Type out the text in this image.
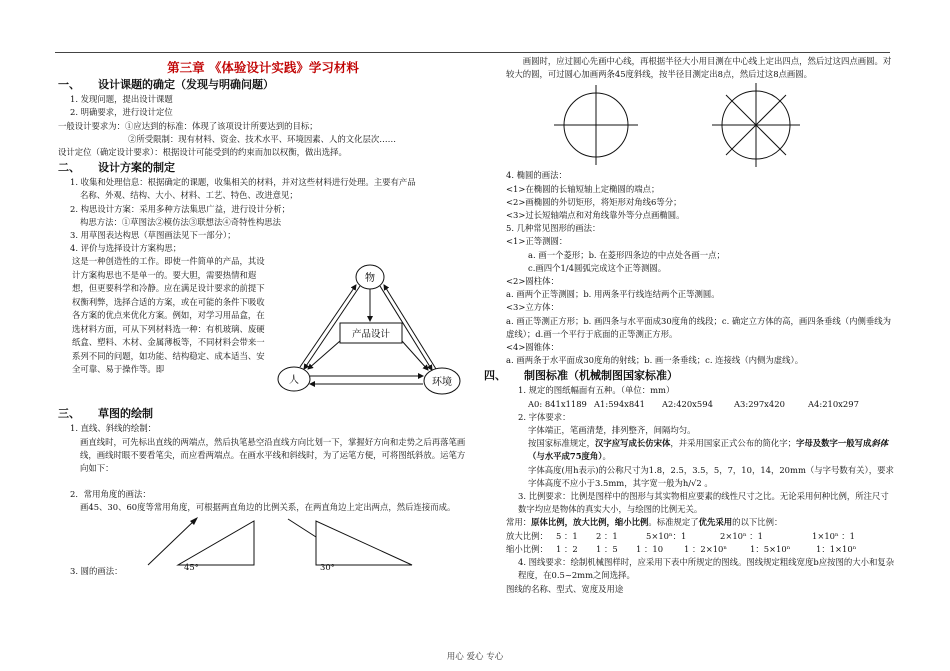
第三章 《体验设计实践》学习材料
一、 设计课题的确定（发现与明确问题）

1. 发现问题，提出设计课题

2. 明确要求，进行设计定位

一般设计要求为：①应达到的标准：体现了该项设计所要达到的目标；

②所受限制：现有材料、资金、技术水平、环境因素、人的文化层次……

设计定位（确定设计要求）：根据设计可能受到的约束而加以权衡，做出选择。

二、 设计方案的制定

1. 收集和处理信息：根据确定的课题，收集相关的材料，并对这些材料进行处理。主要有产品

名称、外观、结构、大小、材料、工艺、特色、改进意见；

2. 构思设计方案：采用多种方法集思广益，进行设计分析；

构思方法：①草图法②模仿法③联想法④奇特性构思法

3. 用草图表达构思（草图画法见下一部分）；

4. 评价与选择设计方案构思；

这是一种创造性的工作。即使一件简单的产品，其设计方案构思也不是单一的。要大胆，需要热情和遐想，但更要科学和冷静。应在满足设计要求的前提下权衡利弊，选择合适的方案，或在可能的条件下吸收各方案的优点来优化方案。例如，对学习用品盒，在选材料方面，可从下列材料选一种：有机玻璃、废硬纸盒、塑料、木材、金属薄板等，不同材料会带来一系列不同的问题，如功能、结构稳定、成本适当、安全可靠、易于操作等。即
物
产品设计
人	环境
三、 草图的绘制

1. 直线、斜线的绘制：

画直线时，可先标出直线的两端点，然后执笔悬空沿直线方向比划一下，掌握好方向和走势之后再落笔画线，画线时眼不要看笔尖，而应看两端点。在画水平线和斜线时，为了运笔方便，可将图纸斜放。运笔方向如下：

2．常用角度的画法：

画45、30、60度等常用角度，可根据两直角边的比例关系，在两直角边上定出两点，然后连接而成。

3. 圆的画法：	45°	30°

画圆时，应过圆心先画中心线，再根据半径大小用目测在中心线上定出四点，然后过这四点画圆。对较大的圆，可过圆心加画两条45度斜线，按半径目测定出8点，然后过这8点画圆。

4. 椭圆的画法：

<1>在椭圆的长轴短轴上定椭圆的端点；

<2>画椭圆的外切矩形，将矩形对角线6等分；

<3>过长短轴端点和对角线靠外等分点画椭圆。

5. 几种常见图形的画法：

<1>正等测圆：

a. 画一个菱形；b. 在菱形四条边的中点处各画一点；

c.画四个1/4圆弧完成这个正等测圆。

<2>圆柱体：

a. 画两个正等测圆；b. 用两条平行线连结两个正等测圆。

<3>立方体：

a. 画正等测正方形；b. 画四条与水平面成30度角的线段；c. 确定立方体的高，画四条垂线（内侧垂线为虚线）；d.画一个平行于底面的正等测正方形。

<4>圆锥体：

a. 画两条于水平面成30度角的射线；b. 画一条垂线；c. 连接线（内侧为虚线）。

四、 制图标准（机械制图国家标准）

1. 规定的图纸幅面有五种。（单位：mm）

A0: 841x1189 A1:594x841	A2:420x594	A3:297x420	A4:210x297

2. 字体要求：

字体端正，笔画清楚，排列整齐，间隔均匀。

按国家标准规定，汉字应写成长仿宋体，并采用国家正式公布的简化字；字母及数字一般写成斜体（与水平成75度角）。

字体高度(用h表示)的公称尺寸为1.8，2.5，3.5，5，7，10，14，20mm（与字号数有关），要求字体高度不应小于3.5mm，其字宽一般为h/√2 。

3. 比例要求：比例是图样中的图形与其实物相应要素的线性尺寸之比。无论采用何种比例，所注尺寸数字均应是物体的真实大小，与绘图的比例无关。

常用：原体比例，放大比例，缩小比例。标准规定了优先采用的以下比例：

放大比例： 5 ：1	2 ：1	5×10ⁿ：1	2×10ⁿ ：1	1×10ⁿ ：1
缩小比例： 1 ：2	1 ：5	1 ：10	1 ：2×10ⁿ	1：5×10ⁿ	1：1×10ⁿ

4. 图线要求：绘制机械图样时，应采用下表中所规定的图线。图线规定粗线宽度b应按图的大小和复杂程度，在0.5~2mm之间选择。

图线的名称、型式、宽度及用途

用心 爱心 专心
